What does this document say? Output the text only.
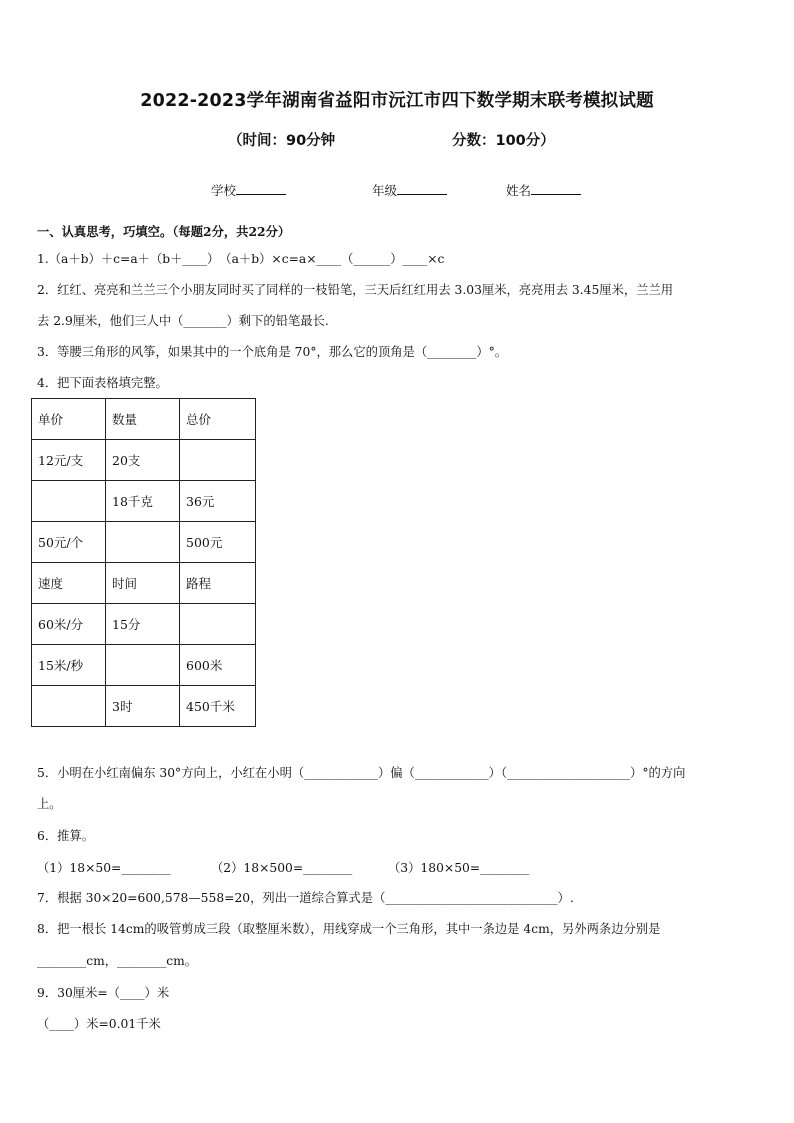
2022-2023学年湖南省益阳市沅江市四下数学期末联考模拟试题
（时间：90分钟	分数：100分）
学校	年级	姓名
一、认真思考，巧填空。（每题2分，共22分）
1.（a＋b）＋c=a＋（b＋____）　（a＋b）×c=a×____（______）____×c
2．红红、亮亮和兰兰三个小朋友同时买了同样的一枝铅笔，三天后红红用去 3.03厘米，亮亮用去 3.45厘米，兰兰用
去 2.9厘米，他们三人中（_______）剩下的铅笔最长.
3．等腰三角形的风筝，如果其中的一个底角是 70°，那么它的顶角是（________）°。
4．把下面表格填完整。
单价	数量	总价
12元/支	20支	
	18千克	36元
50元/个		500元
速度	时间	路程
60米/分	15分	
15米/秒		600米
	3时	450千米
5．小明在小红南偏东 30°方向上，小红在小明（____________）偏（____________）（____________________）°的方向
上。
6．推算。
（1）18×50=________	（2）18×500=________	（3）180×50=________
7．根据 30×20=600,578—558=20，列出一道综合算式是（____________________________）.
8．把一根长 14cm的吸管剪成三段（取整厘米数），用线穿成一个三角形，其中一条边是 4cm，另外两条边分别是
________cm，________cm。
9．30厘米=（____）米
（____）米=0.01千米
